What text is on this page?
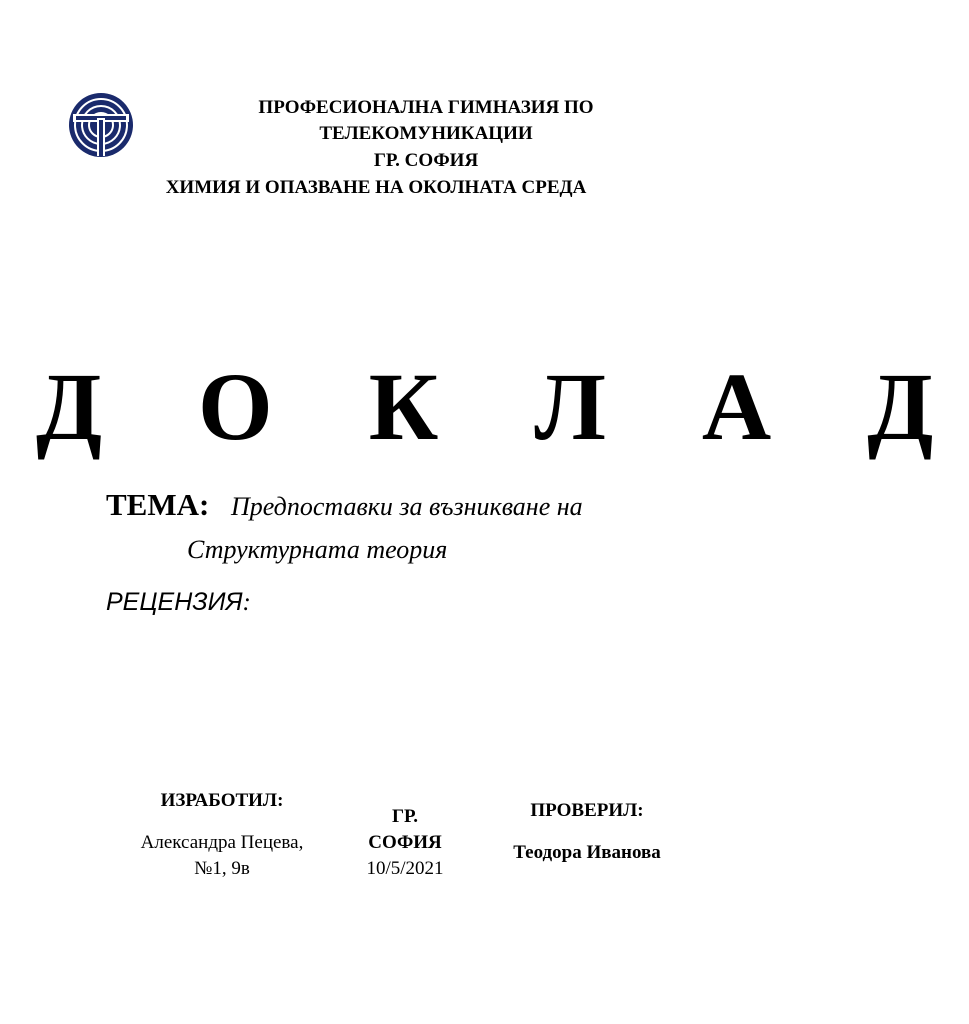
ПРОФЕСИОНАЛНА ГИМНАЗИЯ ПО
ТЕЛЕКОМУНИКАЦИИ
ГР. СОФИЯ
ХИМИЯ И ОПАЗВАНЕ НА ОКОЛНАТА СРЕДА
Д О К Л А Д
ТЕМА: Предпоставки за възникване на
Структурната теория
РЕЦЕНЗИЯ:
ИЗРАБОТИЛ:
Александра Пецева,
№1, 9в
ГР.
СОФИЯ
10/5/2021
ПРОВЕРИЛ:
Теодора Иванова
